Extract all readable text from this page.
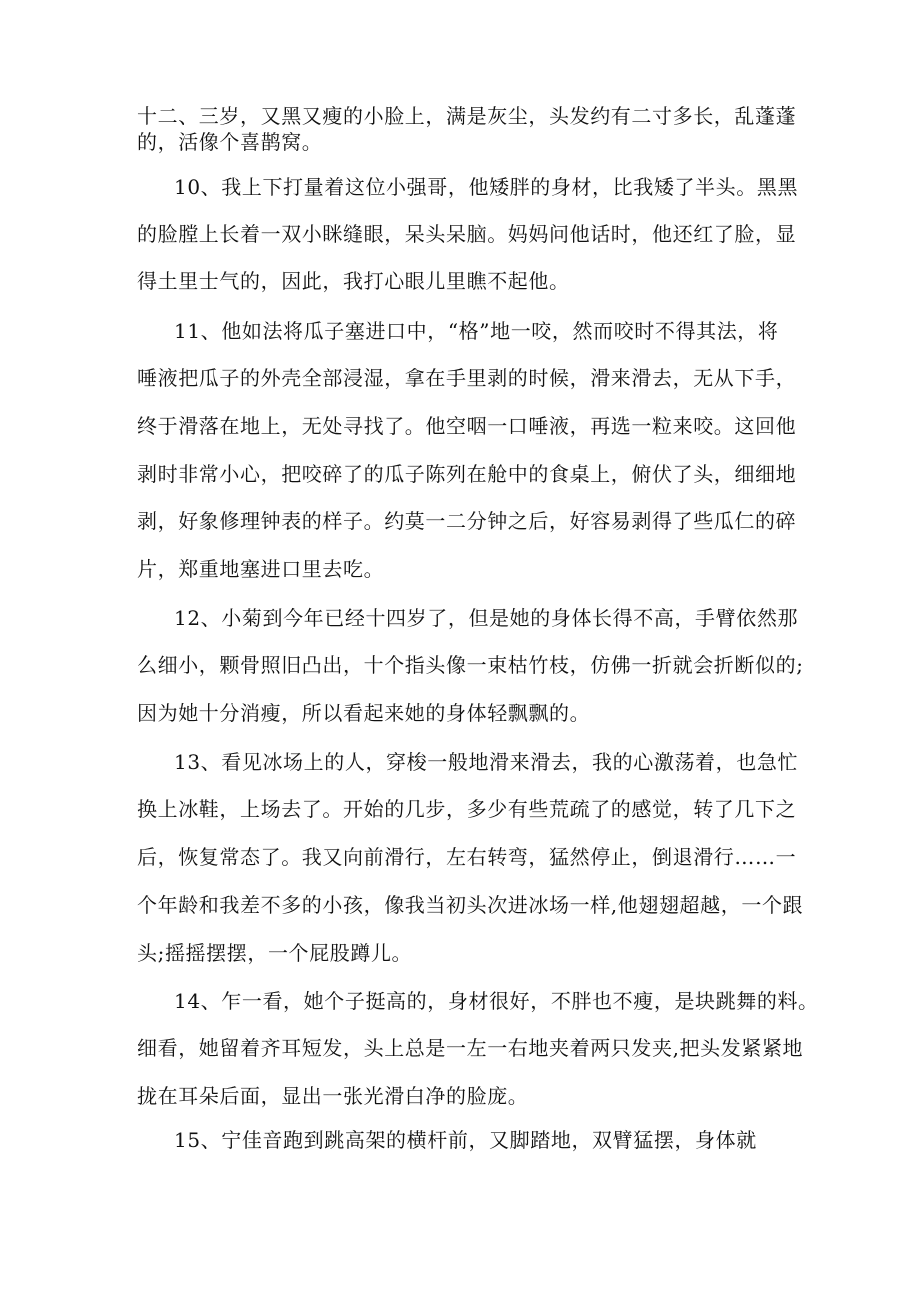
十二、三岁，又黑又瘦的小脸上，满是灰尘，头发约有二寸多长，乱蓬蓬
的，活像个喜鹊窝。
10、我上下打量着这位小强哥，他矮胖的身材，比我矮了半头。黑黑
的脸膛上长着一双小眯缝眼，呆头呆脑。妈妈问他话时，他还红了脸，显
得土里士气的，因此，我打心眼儿里瞧不起他。
11、他如法将瓜子塞进口中，“格”地一咬，然而咬时不得其法，将
唾液把瓜子的外壳全部浸湿，拿在手里剥的时候，滑来滑去，无从下手，
终于滑落在地上，无处寻找了。他空咽一口唾液，再选一粒来咬。这回他
剥时非常小心，把咬碎了的瓜子陈列在舱中的食桌上，俯伏了头，细细地
剥，好象修理钟表的样子。约莫一二分钟之后，好容易剥得了些瓜仁的碎
片，郑重地塞进口里去吃。
12、小菊到今年已经十四岁了，但是她的身体长得不高，手臂依然那
么细小，颗骨照旧凸出，十个指头像一束枯竹枝，仿佛一折就会折断似的;
因为她十分消瘦，所以看起来她的身体轻飘飘的。
13、看见冰场上的人，穿梭一般地滑来滑去，我的心激荡着，也急忙
换上冰鞋，上场去了。开始的几步，多少有些荒疏了的感觉，转了几下之
后，恢复常态了。我又向前滑行，左右转弯，猛然停止，倒退滑行……一
个年龄和我差不多的小孩，像我当初头次进冰场一样,他翅翅超越，一个跟
头;摇摇摆摆，一个屁股蹲儿。
14、乍一看，她个子挺高的，身材很好，不胖也不瘦，是块跳舞的料。
细看，她留着齐耳短发，头上总是一左一右地夹着两只发夹,把头发紧紧地
拢在耳朵后面，显出一张光滑白净的脸庞。
15、宁佳音跑到跳高架的横杆前，又脚踏地，双臂猛摆，身体就
